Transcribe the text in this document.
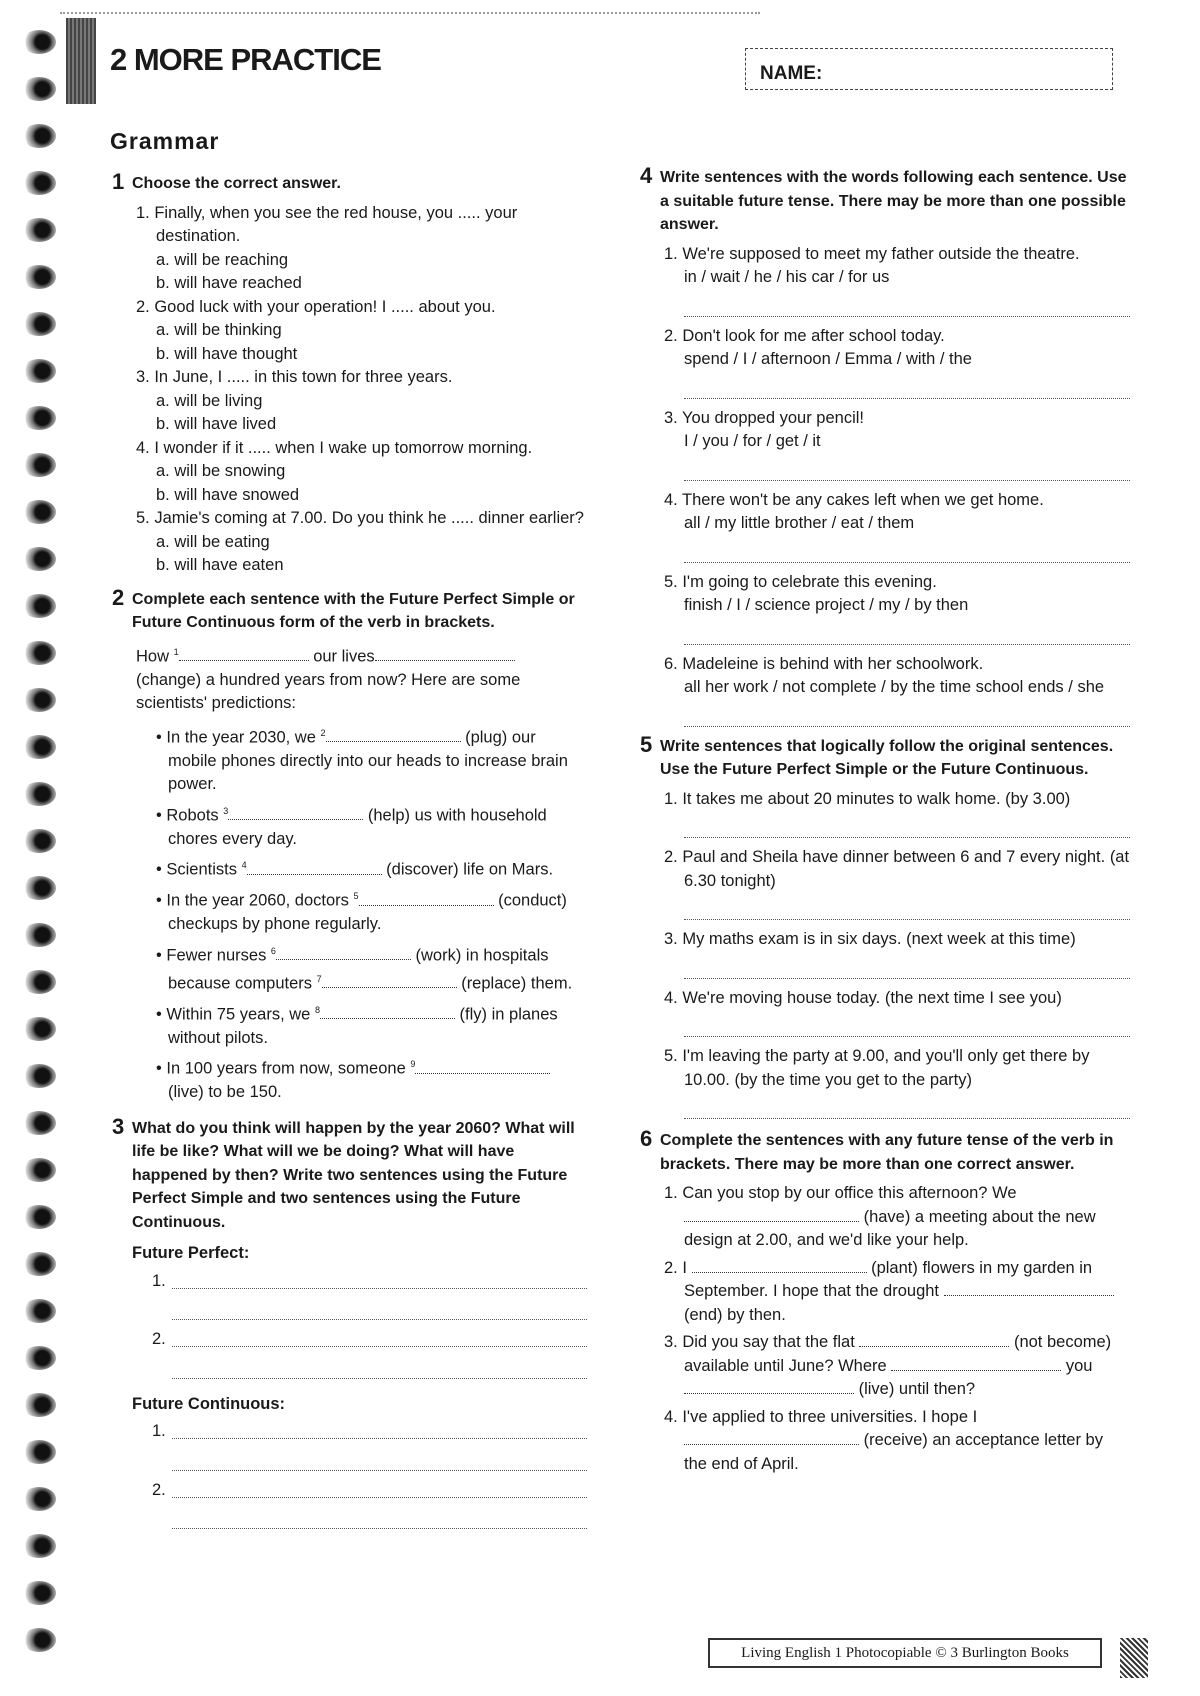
2 MORE PRACTICE	NAME:
Grammar
1 Choose the correct answer.
1. Finally, when you see the red house, you ..... your destination.
a. will be reaching
b. will have reached
2. Good luck with your operation! I ..... about you.
a. will be thinking
b. will have thought
3. In June, I ..... in this town for three years.
a. will be living
b. will have lived
4. I wonder if it ..... when I wake up tomorrow morning.
a. will be snowing
b. will have snowed
5. Jamie's coming at 7.00. Do you think he ..... dinner earlier?
a. will be eating
b. will have eaten
2 Complete each sentence with the Future Perfect Simple or Future Continuous form of the verb in brackets.
How $^1$	our lives
(change) a hundred years from now? Here are some scientists' predictions:
• In the year 2030, we $^2$	(plug) our mobile phones directly into our heads to increase brain power.
• Robots $^3$	(help) us with household chores every day.
• Scientists $^4$	(discover) life on Mars.
• In the year 2060, doctors $^5$	(conduct) checkups by phone regularly.
• Fewer nurses $^6$	(work) in hospitals because computers $^7$	(replace) them.
• Within 75 years, we $^8$	(fly) in planes without pilots.
• In 100 years from now, someone $^9$ (live) to be 150.
3 What do you think will happen by the year 2060? What will life be like? What will we be doing? What will have happened by then? Write two sentences using the Future Perfect Simple and two sentences using the Future Continuous.
Future Perfect:
1.
2.
Future Continuous:
1.
2.
4 Write sentences with the words following each sentence. Use a suitable future tense. There may be more than one possible answer.
1. We're supposed to meet my father outside the theatre.
in / wait / he / his car / for us
2. Don't look for me after school today.
spend / I / afternoon / Emma / with / the
3. You dropped your pencil!
I / you / for / get / it
4. There won't be any cakes left when we get home.
all / my little brother / eat / them
5. I'm going to celebrate this evening.
finish / I / science project / my / by then
6. Madeleine is behind with her schoolwork.
all her work / not complete / by the time school ends / she
5 Write sentences that logically follow the original sentences. Use the Future Perfect Simple or the Future Continuous.
1. It takes me about 20 minutes to walk home. (by 3.00)
2. Paul and Sheila have dinner between 6 and 7 every night. (at 6.30 tonight)
3. My maths exam is in six days. (next week at this time)
4. We're moving house today. (the next time I see you)
5. I'm leaving the party at 9.00, and you'll only get there by 10.00. (by the time you get to the party)
6 Complete the sentences with any future tense of the verb in brackets. There may be more than one correct answer.
1. Can you stop by our office this afternoon? We
(have) a meeting about the new design at 2.00, and we'd like your help.
2. I	(plant) flowers in my garden in September. I hope that the drought  (end) by then.
3. Did you say that the flat	(not become) available until June? Where	you  (live) until then?
4. I've applied to three universities. I hope I
(receive) an acceptance letter by the end of April.
Living English 1 Photocopiable © 3 Burlington Books
